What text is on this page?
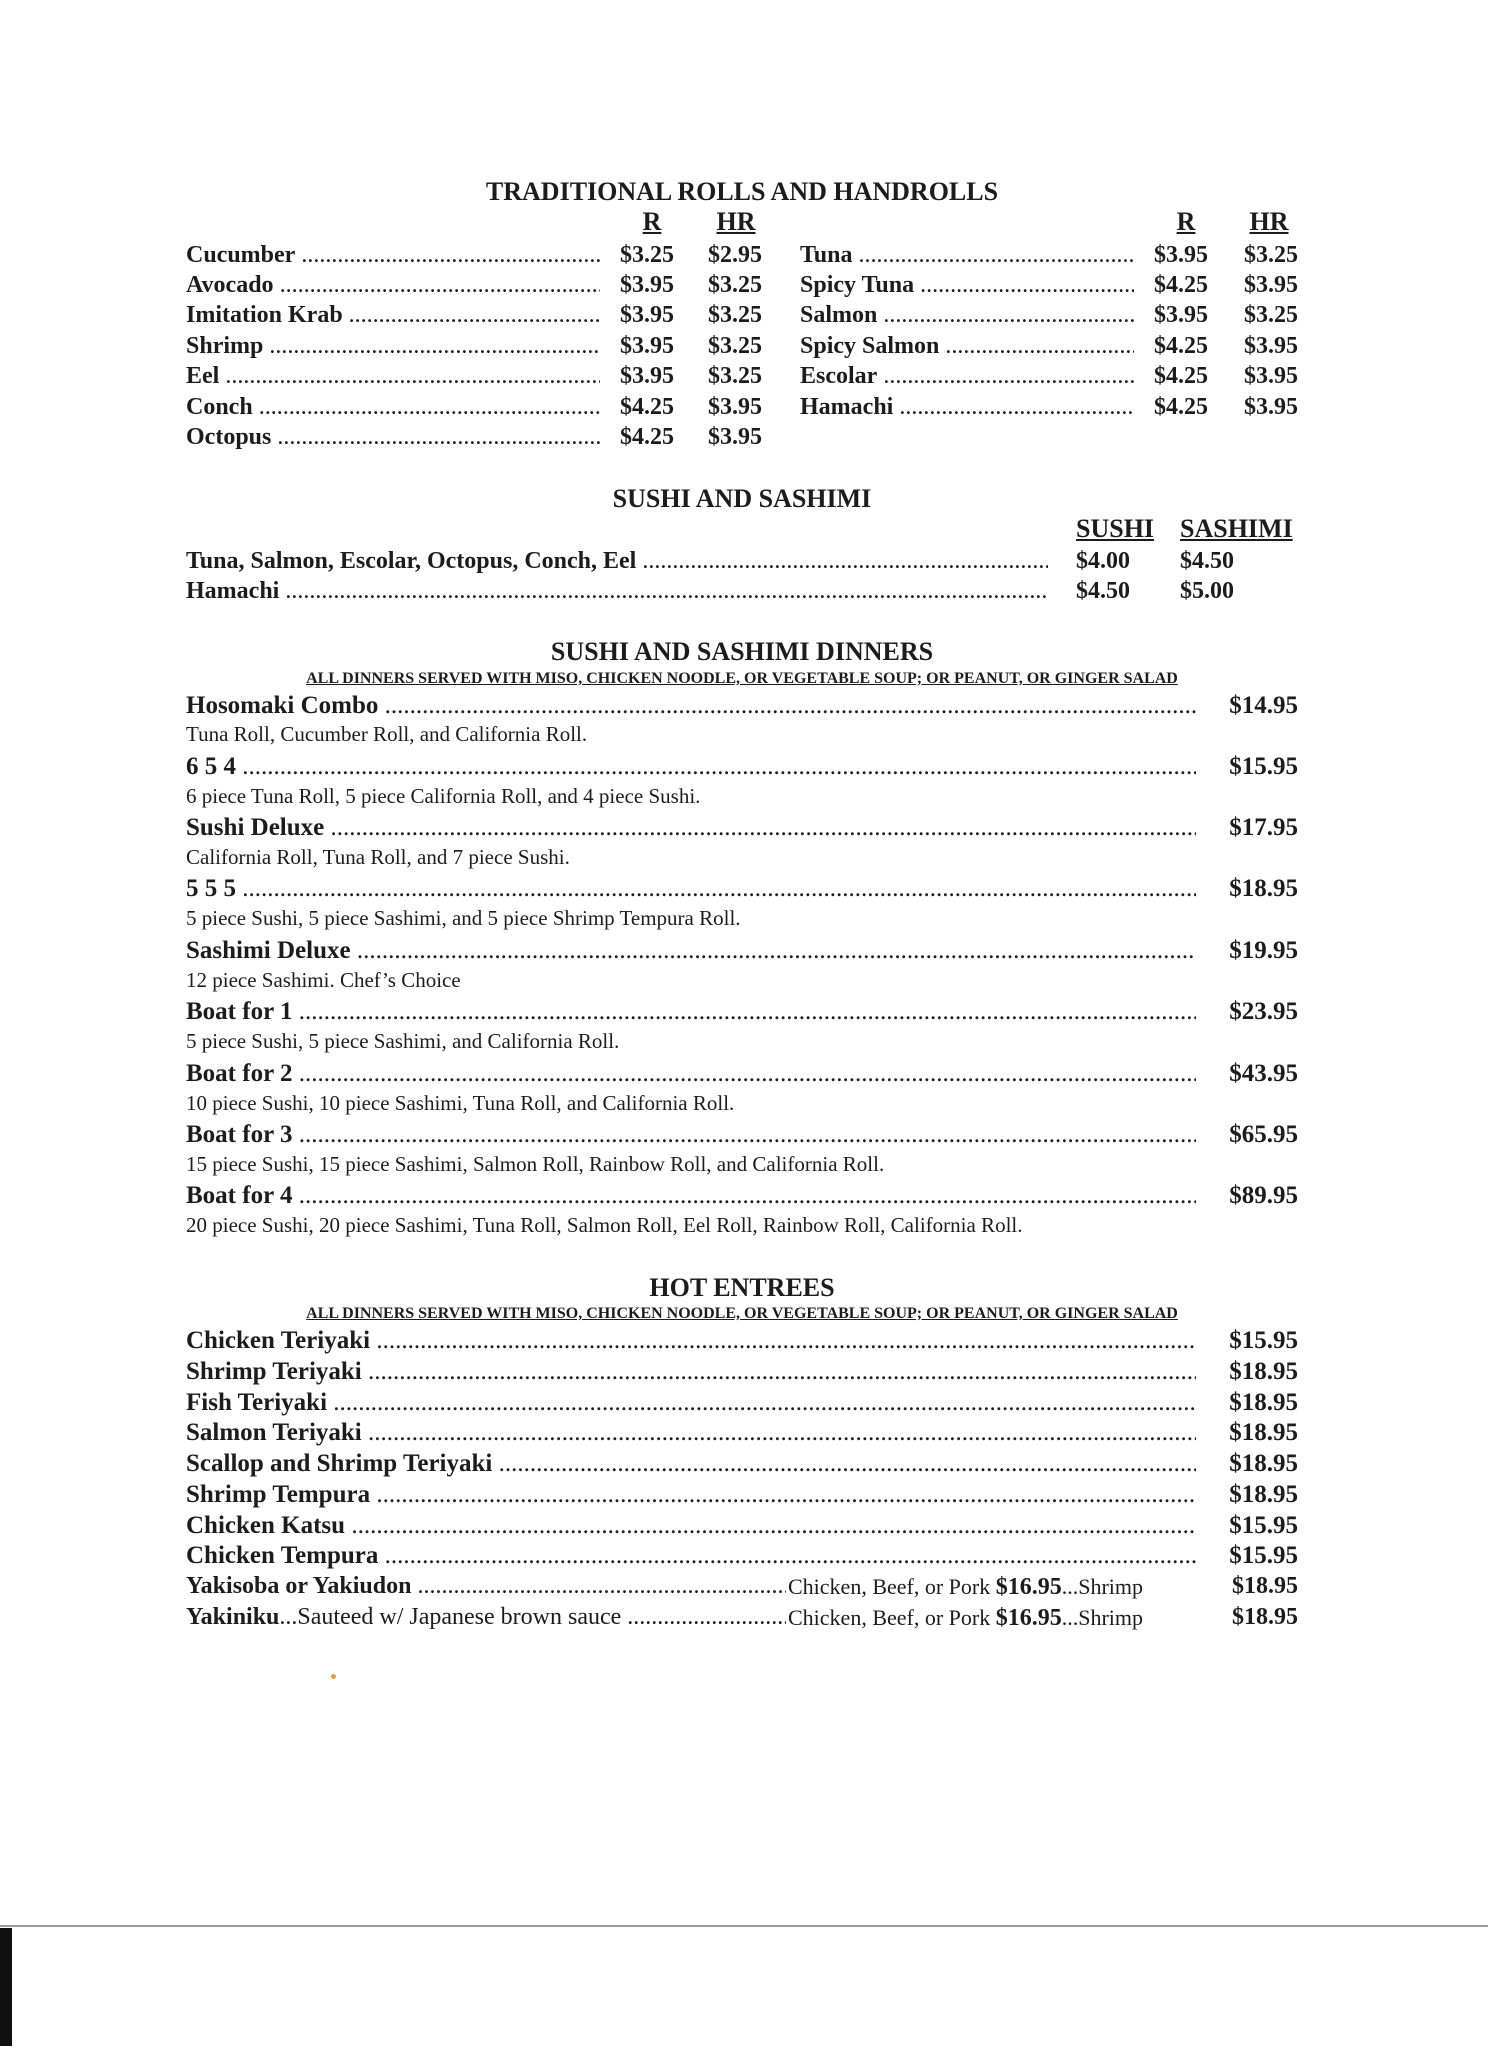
TRADITIONAL ROLLS AND HANDROLLS
R	HR	R	HR
Cucumber .....	$3.25	$2.95
Avocado .....	$3.95	$3.25
Imitation Krab .....	$3.95	$3.25
Shrimp .....	$3.95	$3.25
Eel .....	$3.95	$3.25
Conch .....	$4.25	$3.95
Octopus .....	$4.25	$3.95
Tuna .....	$3.95	$3.25
Spicy Tuna .....	$4.25	$3.95
Salmon .....	$3.95	$3.25
Spicy Salmon .....	$4.25	$3.95
Escolar .....	$4.25	$3.95
Hamachi .....	$4.25	$3.95
SUSHI AND SASHIMI
SUSHI SASHIMI
Tuna, Salmon, Escolar, Octopus, Conch, Eel .....	$4.00 $4.50
Hamachi .....	$4.50 $5.00
SUSHI AND SASHIMI DINNERS
ALL DINNERS SERVED WITH MISO, CHICKEN NOODLE, OR VEGETABLE SOUP; OR PEANUT, OR GINGER SALAD
Hosomaki Combo .....	$14.95
Tuna Roll, Cucumber Roll, and California Roll.
6 5 4 .....	$15.95
6 piece Tuna Roll, 5 piece California Roll, and 4 piece Sushi.
Sushi Deluxe .....	$17.95
California Roll, Tuna Roll, and 7 piece Sushi.
5 5 5 .....	$18.95
5 piece Sushi, 5 piece Sashimi, and 5 piece Shrimp Tempura Roll.
Sashimi Deluxe .....	$19.95
12 piece Sashimi. Chef’s Choice
Boat for 1 .....	$23.95
5 piece Sushi, 5 piece Sashimi, and California Roll.
Boat for 2 .....	$43.95
10 piece Sushi, 10 piece Sashimi, Tuna Roll, and California Roll.
Boat for 3 .....	$65.95
15 piece Sushi, 15 piece Sashimi, Salmon Roll, Rainbow Roll, and California Roll.
Boat for 4 .....	$89.95
20 piece Sushi, 20 piece Sashimi, Tuna Roll, Salmon Roll, Eel Roll, Rainbow Roll, California Roll.
HOT ENTREES
ALL DINNERS SERVED WITH MISO, CHICKEN NOODLE, OR VEGETABLE SOUP; OR PEANUT, OR GINGER SALAD
Chicken Teriyaki .....	$15.95
Shrimp Teriyaki .....	$18.95
Fish Teriyaki .....	$18.95
Salmon Teriyaki .....	$18.95
Scallop and Shrimp Teriyaki .....	$18.95
Shrimp Tempura .....	$18.95
Chicken Katsu .....	$15.95
Chicken Tempura .....	$15.95
Yakisoba or Yakiudon .....	Chicken, Beef, or Pork $16.95...Shrimp	$18.95
Yakiniku...Sauteed w/ Japanese brown sauce .....	Chicken, Beef, or Pork $16.95...Shrimp	$18.95
